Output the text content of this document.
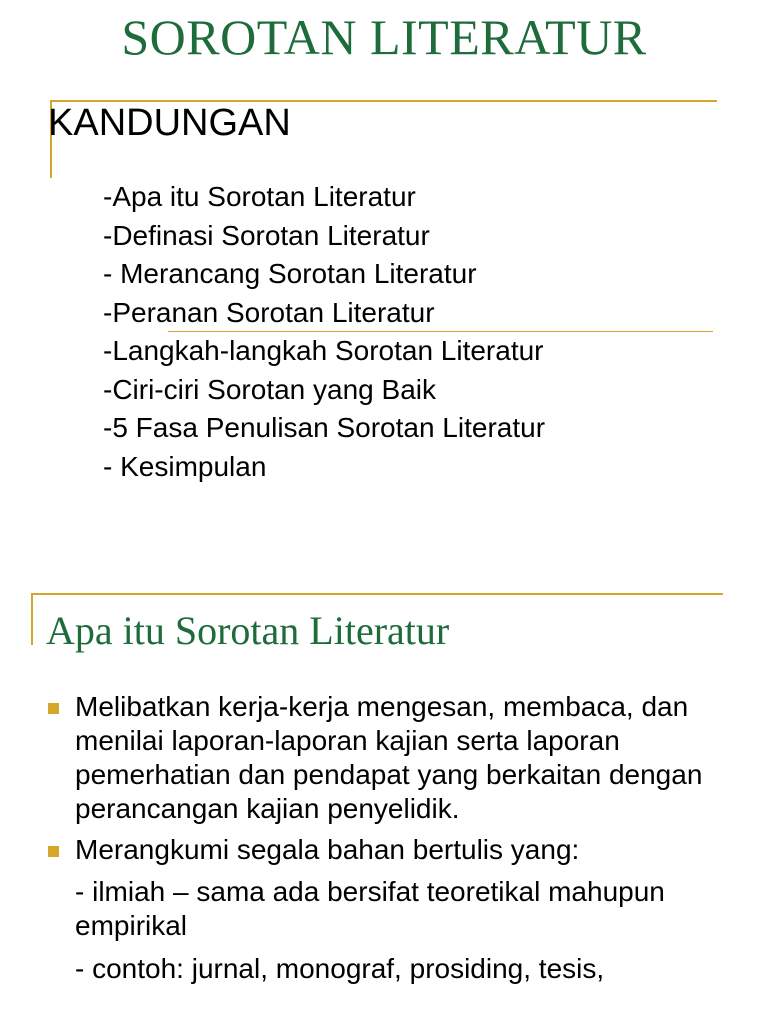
SOROTAN LITERATUR
KANDUNGAN
-Apa itu Sorotan Literatur
-Definasi Sorotan Literatur
- Merancang Sorotan Literatur
-Peranan Sorotan Literatur
-Langkah-langkah Sorotan Literatur
-Ciri-ciri Sorotan yang Baik
-5 Fasa Penulisan Sorotan Literatur
- Kesimpulan
Apa itu Sorotan Literatur
Melibatkan kerja-kerja mengesan, membaca, dan menilai laporan-laporan kajian serta laporan pemerhatian dan pendapat yang berkaitan dengan perancangan kajian penyelidik.
Merangkumi segala bahan bertulis yang:
- ilmiah – sama ada bersifat teoretikal mahupun empirikal
- contoh: jurnal, monograf, prosiding, tesis,
